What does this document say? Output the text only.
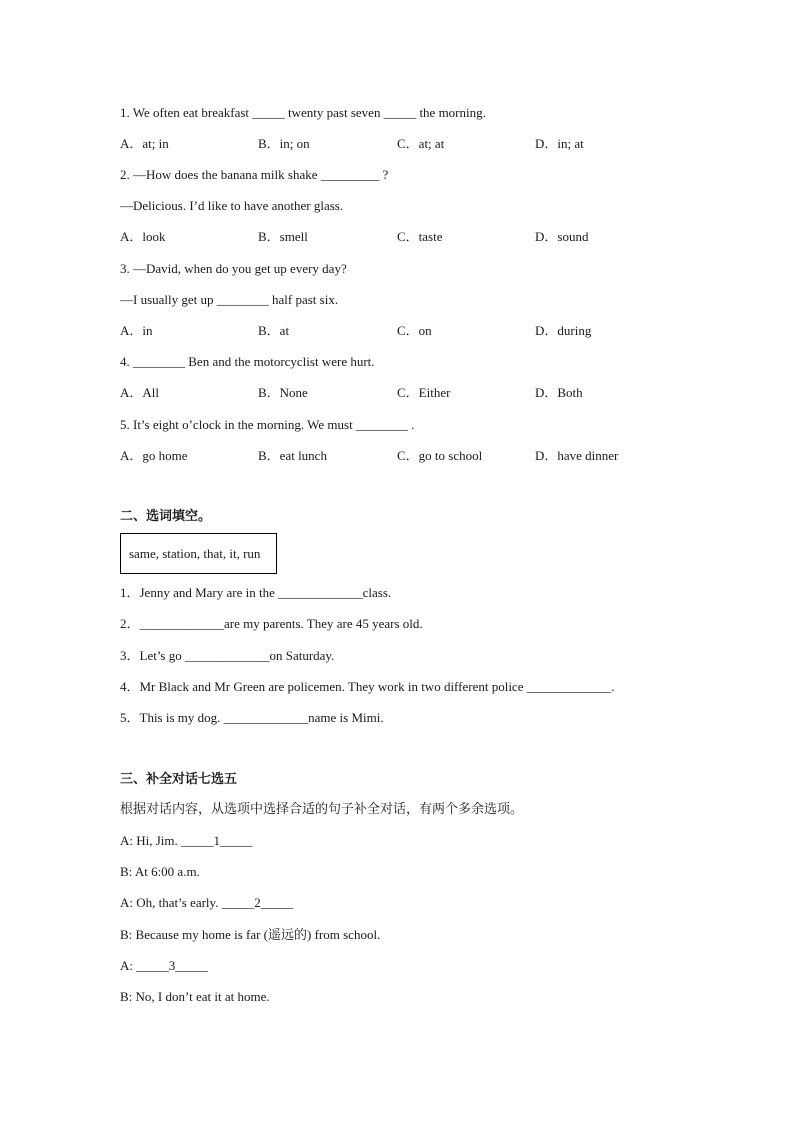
1. We often eat breakfast _____ twenty past seven _____ the morning.
A．at; in	B．in; on	C．at; at	D．in; at
2. —How does the banana milk shake _________ ?
—Delicious. I’d like to have another glass.
A．look	B．smell	C．taste	D．sound
3. —David, when do you get up every day?
—I usually get up ________ half past six.
A．in	B．at	C．on	D．during
4. ________ Ben and the motorcyclist were hurt.
A．All	B．None	C．Either	D．Both
5. It’s eight o’clock in the morning. We must ________ .
A．go home	B．eat lunch	C．go to school	D．have dinner
二、选词填空。
same, station, that, it, run
1．Jenny and Mary are in the _____________class.
2．_____________are my parents. They are 45 years old.
3．Let’s go _____________on Saturday.
4．Mr Black and Mr Green are policemen. They work in two different police _____________.
5．This is my dog. _____________name is Mimi.
三、补全对话七选五
根据对话内容，从选项中选择合适的句子补全对话，有两个多余选项。
A: Hi, Jim. _____1_____
B: At 6:00 a.m.
A: Oh, that’s early. _____2_____
B: Because my home is far (遥远的) from school.
A: _____3_____
B: No, I don’t eat it at home.
